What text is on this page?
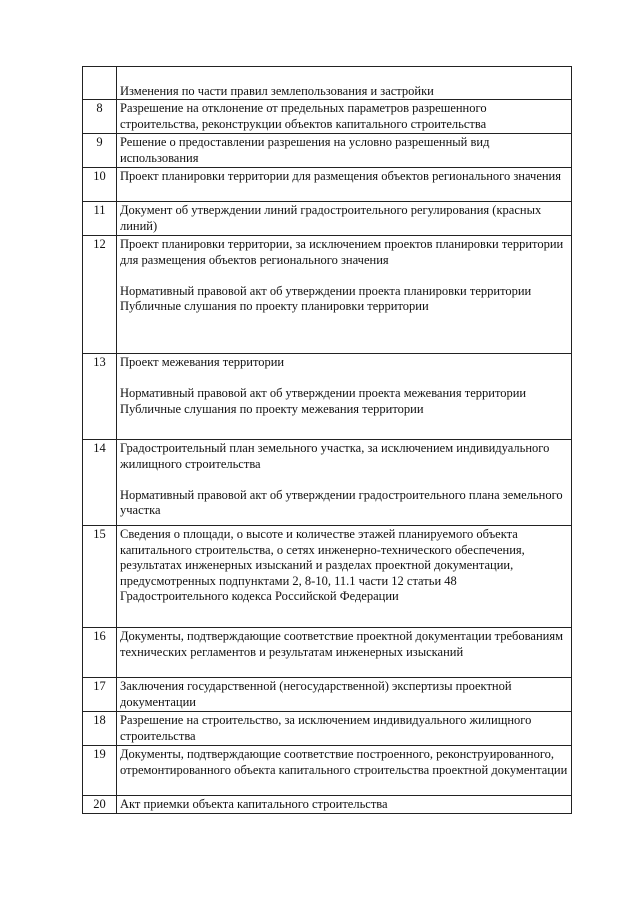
	Изменения по части правил землепользования и застройки
8	Разрешение на отклонение от предельных параметров разрешенного строительства, реконструкции объектов капитального строительства
9	Решение о предоставлении разрешения на условно разрешенный вид использования
10	Проект планировки территории для размещения объектов регионального значения
11	Документ об утверждении линий градостроительного регулирования (красных линий)
12	Проект планировки территории, за исключением проектов планировки территории для размещения объектов регионального значения

Нормативный правовой акт об утверждении проекта планировки территории
Публичные слушания по проекту планировки территории
13	Проект межевания территории

Нормативный правовой акт об утверждении проекта межевания территории
Публичные слушания по проекту межевания территории
14	Градостроительный план земельного участка, за исключением индивидуального жилищного строительства

Нормативный правовой акт об утверждении градостроительного плана земельного участка
15	Сведения о площади, о высоте и количестве этажей планируемого объекта капитального строительства, о сетях инженерно-технического обеспечения, результатах инженерных изысканий и разделах проектной документации, предусмотренных подпунктами 2, 8-10, 11.1 части 12 статьи 48 Градостроительного кодекса Российской Федерации
16	Документы, подтверждающие соответствие проектной документации требованиям технических регламентов и результатам инженерных изысканий
17	Заключения государственной (негосударственной) экспертизы проектной документации
18	Разрешение на строительство, за исключением индивидуального жилищного строительства
19	Документы, подтверждающие соответствие построенного, реконструированного, отремонтированного объекта капитального строительства проектной документации
20	Акт приемки объекта капитального строительства
